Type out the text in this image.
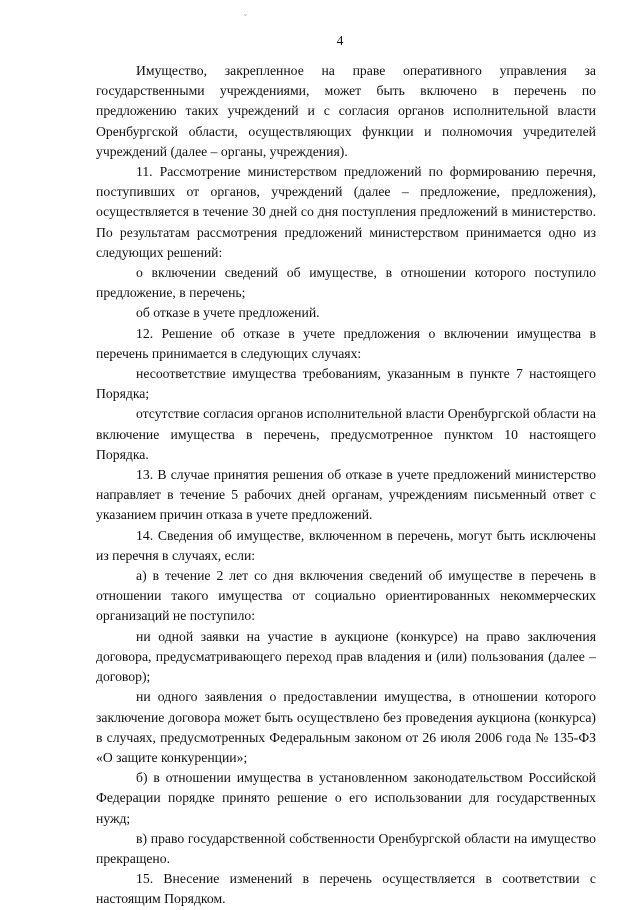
ˇ
4

Имущество, закрепленное на праве оперативного управления за государственными учреждениями, может быть включено в перечень по предложению таких учреждений и с согласия органов исполнительной власти Оренбургской области, осуществляющих функции и полномочия учредителей учреждений (далее – органы, учреждения).

11. Рассмотрение министерством предложений по формированию перечня, поступивших от органов, учреждений (далее – предложение, предложения), осуществляется в течение 30 дней со дня поступления предложений в министерство. По результатам рассмотрения предложений министерством принимается одно из следующих решений:

о включении сведений об имуществе, в отношении которого поступило предложение, в перечень;

об отказе в учете предложений.

12. Решение об отказе в учете предложения о включении имущества в перечень принимается в следующих случаях:

несоответствие имущества требованиям, указанным в пункте 7 настоящего Порядка;

отсутствие согласия органов исполнительной власти Оренбургской области на включение имущества в перечень, предусмотренное пунктом 10 настоящего Порядка.

13. В случае принятия решения об отказе в учете предложений министерство направляет в течение 5 рабочих дней органам, учреждениям письменный ответ с указанием причин отказа в учете предложений.

14. Сведения об имуществе, включенном в перечень, могут быть исключены из перечня в случаях, если:

а) в течение 2 лет со дня включения сведений об имуществе в перечень в отношении такого имущества от социально ориентированных некоммерческих организаций не поступило:

ни одной заявки на участие в аукционе (конкурсе) на право заключения договора, предусматривающего переход прав владения и (или) пользования (далее – договор);

ни одного заявления о предоставлении имущества, в отношении которого заключение договора может быть осуществлено без проведения аукциона (конкурса) в случаях, предусмотренных Федеральным законом от 26 июля 2006 года № 135-ФЗ «О защите конкуренции»;

б) в отношении имущества в установленном законодательством Российской Федерации порядке принято решение о его использовании для государственных нужд;

в) право государственной собственности Оренбургской области на имущество прекращено.

15. Внесение изменений в перечень осуществляется в соответствии с настоящим Порядком.
